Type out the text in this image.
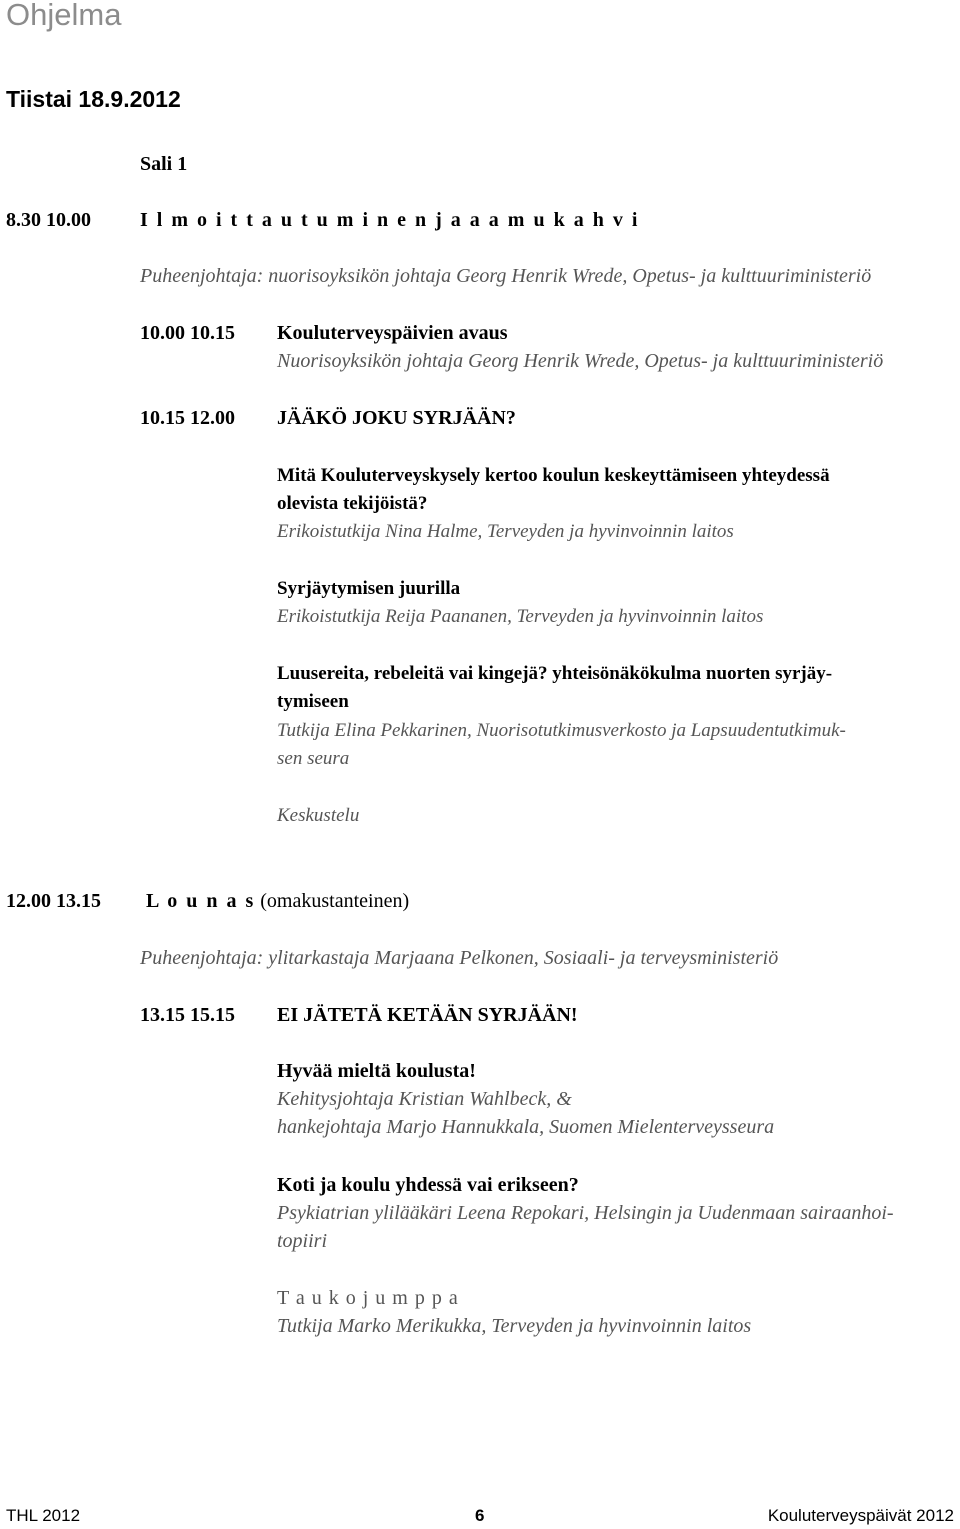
Ohjelma
Tiistai 18.9.2012
Sali 1
8.30 10.00 I l m o i t t a u t u m i n e n j a a a m u k a h v i
Puheenjohtaja: nuorisoyksikön johtaja Georg Henrik Wrede, Opetus- ja kulttuuriministeriö
10.00 10.15 Kouluterveyspäivien avaus
Nuorisoyksikön johtaja Georg Henrik Wrede, Opetus- ja kulttuuriministeriö
10.15 12.00 JÄÄKÖ JOKU SYRJÄÄN?
Mitä Kouluterveyskysely kertoo koulun keskeyttämiseen yhteydessä
olevista tekijöistä?
Erikoistutkija Nina Halme, Terveyden ja hyvinvoinnin laitos
Syrjäytymisen juurilla
Erikoistutkija Reija Paananen, Terveyden ja hyvinvoinnin laitos
Luusereita, rebeleitä vai kingejä? yhteisönäkökulma nuorten syrjäy-
tymiseen
Tutkija Elina Pekkarinen, Nuorisotutkimusverkosto ja Lapsuudentutkimuk-
sen seura
Keskustelu
12.00 13.15 L o u n a s (omakustanteinen)
Puheenjohtaja: ylitarkastaja Marjaana Pelkonen, Sosiaali- ja terveysministeriö
13.15 15.15 EI JÄTETÄ KETÄÄN SYRJÄÄN!
Hyvää mieltä koulusta!
Kehitysjohtaja Kristian Wahlbeck, &
hankejohtaja Marjo Hannukkala, Suomen Mielenterveysseura
Koti ja koulu yhdessä vai erikseen?
Psykiatrian ylilääkäri Leena Repokari, Helsingin ja Uudenmaan sairaanhoi-
topiiri
T a u k o j u m p p a
Tutkija Marko Merikukka, Terveyden ja hyvinvoinnin laitos
THL 2012	6	Kouluterveyspäivät 2012
